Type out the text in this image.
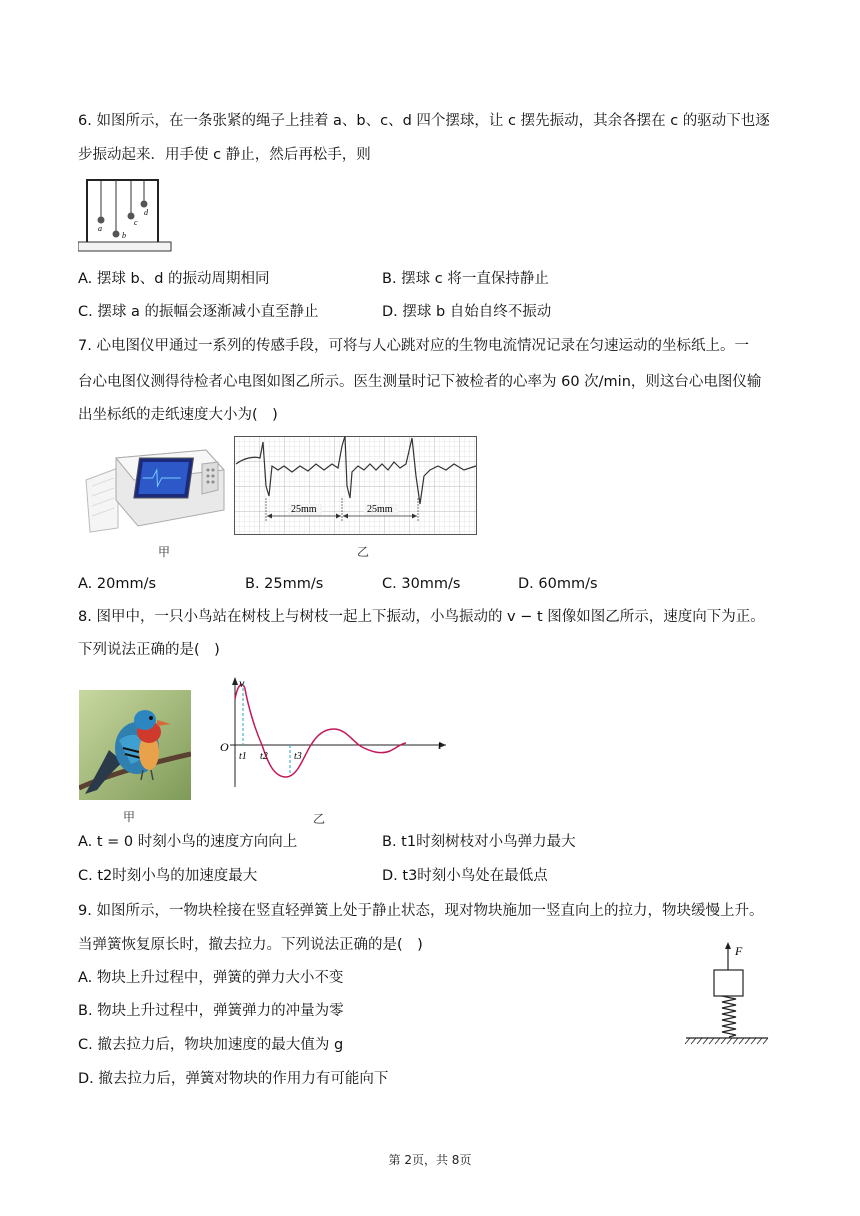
6. 如图所示，在一条张紧的绳子上挂着 a、b、c、d 四个摆球，让 c 摆先振动，其余各摆在 c 的驱动下也逐
步振动起来．用手使 c 静止，然后再松手，则
a
b
c
d
A. 摆球 b、d 的振动周期相同	B. 摆球 c 将一直保持静止
C. 摆球 a 的振幅会逐渐减小直至静止	D. 摆球 b 自始自终不振动
7. 心电图仪甲通过一系列的传感手段，可将与人心跳对应的生物电流情况记录在匀速运动的坐标纸上。一
台心电图仪测得待检者心电图如图乙所示。医生测量时记下被检者的心率为 60 次/min，则这台心电图仪输
出坐标纸的走纸速度大小为(　)
25mm	25mm
甲	乙
A. 20mm/s	B. 25mm/s	C. 30mm/s	D. 60mm/s
8. 图甲中，一只小鸟站在树枝上与树枝一起上下振动，小鸟振动的 v − t 图像如图乙所示，速度向下为正。
下列说法正确的是(　)
甲
O
v
t
t1 t2	t3
乙
A. t = 0 时刻小鸟的速度方向向上	B. t1时刻树枝对小鸟弹力最大
C. t2时刻小鸟的加速度最大	D. t3时刻小鸟处在最低点
9. 如图所示，一物块栓接在竖直轻弹簧上处于静止状态，现对物块施加一竖直向上的拉力，物块缓慢上升。
当弹簧恢复原长时，撤去拉力。下列说法正确的是(　)
A. 物块上升过程中，弹簧的弹力大小不变
B. 物块上升过程中，弹簧弹力的冲量为零
C. 撤去拉力后，物块加速度的最大值为 g
D. 撤去拉力后，弹簧对物块的作用力有可能向下
F
第 2页，共 8页
